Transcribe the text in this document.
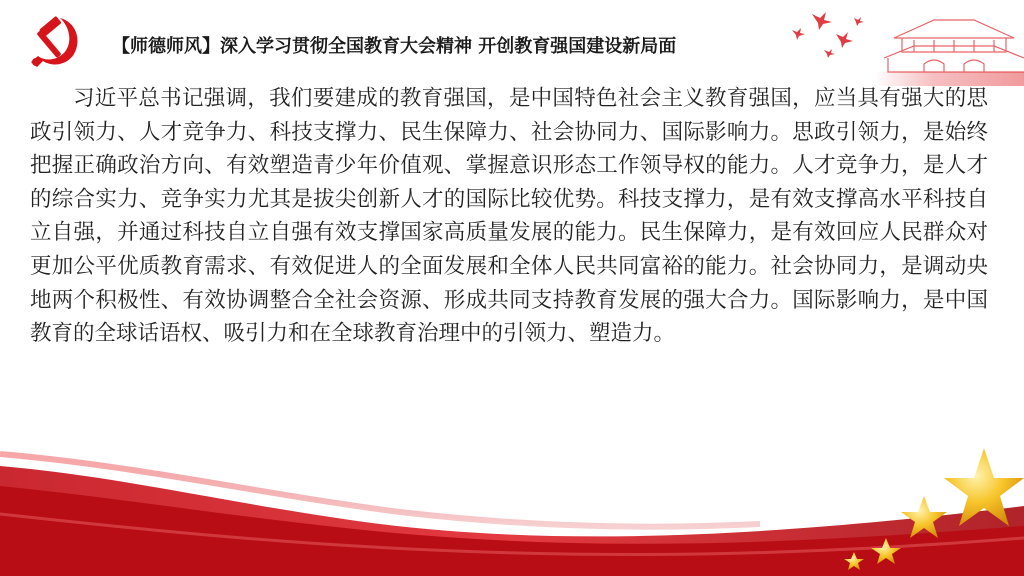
【师德师风】深入学习贯彻全国教育大会精神 开创教育强国建设新局面
习近平总书记强调，我们要建成的教育强国，是中国特色社会主义教育强国，应当具有强大的思政引领力、人才竞争力、科技支撑力、民生保障力、社会协同力、国际影响力。思政引领力，是始终把握正确政治方向、有效塑造青少年价值观、掌握意识形态工作领导权的能力。人才竞争力，是人才的综合实力、竞争实力尤其是拔尖创新人才的国际比较优势。科技支撑力，是有效支撑高水平科技自立自强，并通过科技自立自强有效支撑国家高质量发展的能力。民生保障力，是有效回应人民群众对更加公平优质教育需求、有效促进人的全面发展和全体人民共同富裕的能力。社会协同力，是调动央地两个积极性、有效协调整合全社会资源、形成共同支持教育发展的强大合力。国际影响力，是中国教育的全球话语权、吸引力和在全球教育治理中的引领力、塑造力。
